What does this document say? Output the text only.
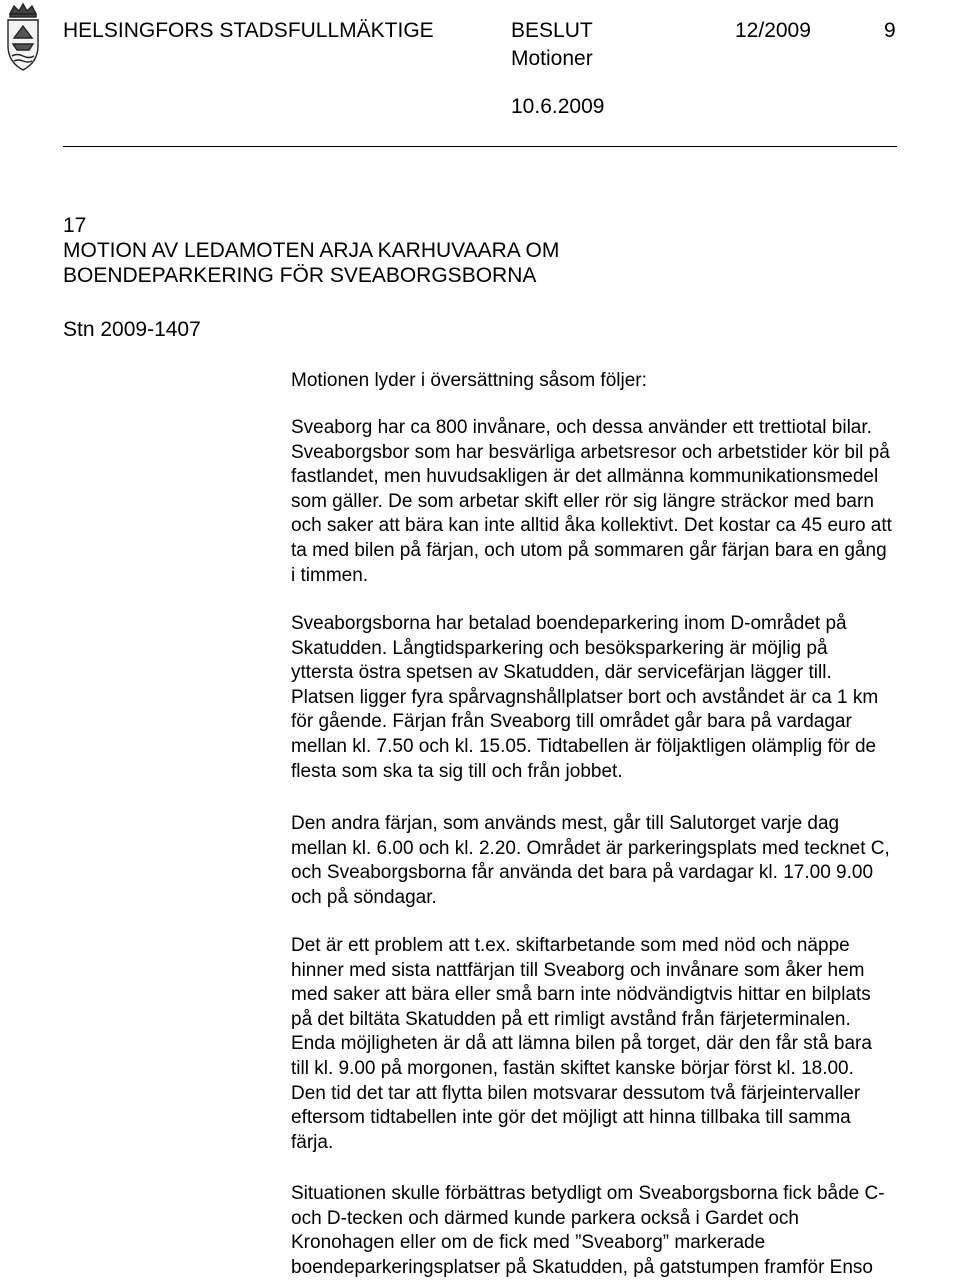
HELSINGFORS STADSFULLMÄKTIGE	BESLUT	12/2009	9
Motioner
10.6.2009
17
MOTION AV LEDAMOTEN ARJA KARHUVAARA OM
BOENDEPARKERING FÖR SVEABORGSBORNA
Stn 2009-1407
Motionen lyder i översättning såsom följer:
Sveaborg har ca 800 invånare, och dessa använder ett trettiotal bilar.
Sveaborgsbor som har besvärliga arbetsresor och arbetstider kör bil på
fastlandet, men huvudsakligen är det allmänna kommunikationsmedel
som gäller. De som arbetar skift eller rör sig längre sträckor med barn
och saker att bära kan inte alltid åka kollektivt. Det kostar ca 45 euro att
ta med bilen på färjan, och utom på sommaren går färjan bara en gång
i timmen.
Sveaborgsborna har betalad boendeparkering inom D-området på
Skatudden. Långtidsparkering och besöksparkering är möjlig på
yttersta östra spetsen av Skatudden, där servicefärjan lägger till.
Platsen ligger fyra spårvagnshållplatser bort och avståndet är ca 1 km
för gående. Färjan från Sveaborg till området går bara på vardagar
mellan kl. 7.50 och kl. 15.05. Tidtabellen är följaktligen olämplig för de
flesta som ska ta sig till och från jobbet.
Den andra färjan, som används mest, går till Salutorget varje dag
mellan kl. 6.00 och kl. 2.20. Området är parkeringsplats med tecknet C,
och Sveaborgsborna får använda det bara på vardagar kl. 17.00 9.00
och på söndagar.
Det är ett problem att t.ex. skiftarbetande som med nöd och näppe
hinner med sista nattfärjan till Sveaborg och invånare som åker hem
med saker att bära eller små barn inte nödvändigtvis hittar en bilplats
på det biltäta Skatudden på ett rimligt avstånd från färjeterminalen.
Enda möjligheten är då att lämna bilen på torget, där den får stå bara
till kl. 9.00 på morgonen, fastän skiftet kanske börjar först kl. 18.00.
Den tid det tar att flytta bilen motsvarar dessutom två färjeintervaller
eftersom tidtabellen inte gör det möjligt att hinna tillbaka till samma
färja.
Situationen skulle förbättras betydligt om Sveaborgsborna fick både C-
och D-tecken och därmed kunde parkera också i Gardet och
Kronohagen eller om de fick med ”Sveaborg” markerade
boendeparkeringsplatser på Skatudden, på gatstumpen framför Enso
